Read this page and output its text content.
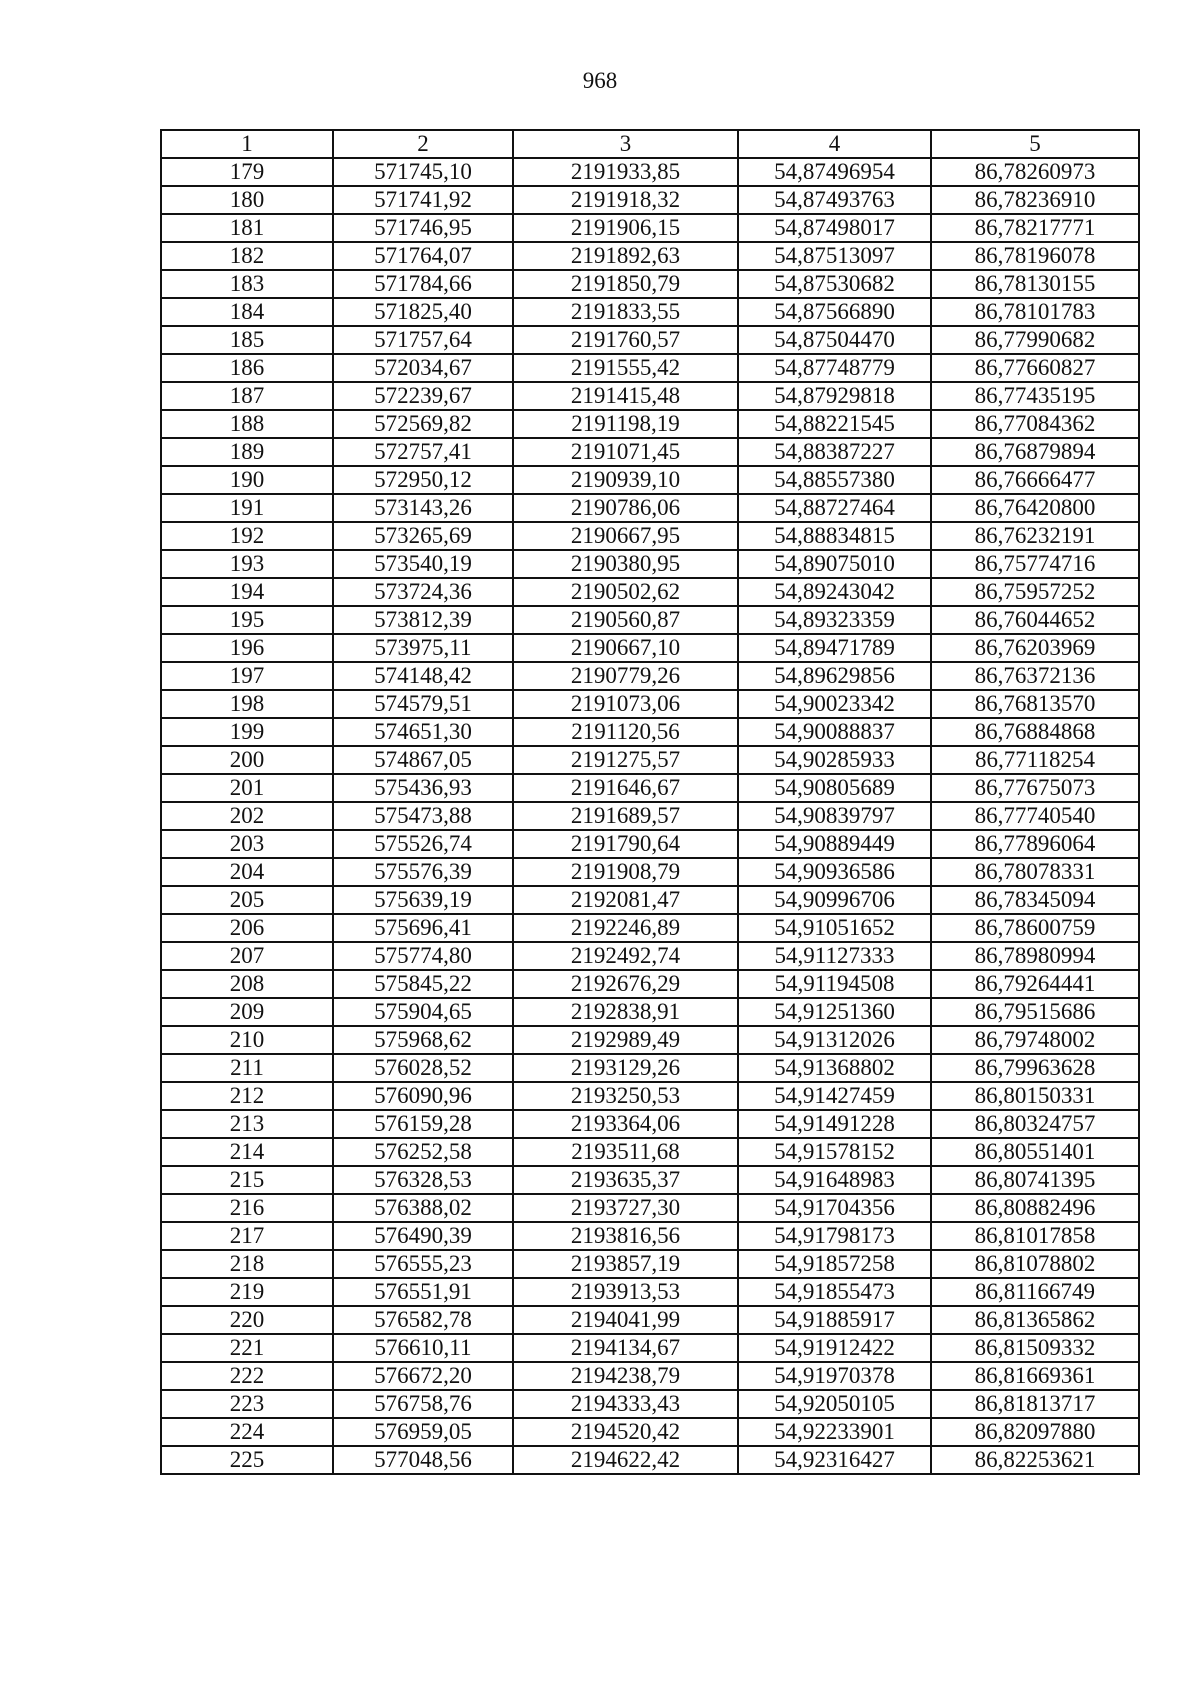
968
1	2	3	4	5
179	571745,10	2191933,85	54,87496954	86,78260973
180	571741,92	2191918,32	54,87493763	86,78236910
181	571746,95	2191906,15	54,87498017	86,78217771
182	571764,07	2191892,63	54,87513097	86,78196078
183	571784,66	2191850,79	54,87530682	86,78130155
184	571825,40	2191833,55	54,87566890	86,78101783
185	571757,64	2191760,57	54,87504470	86,77990682
186	572034,67	2191555,42	54,87748779	86,77660827
187	572239,67	2191415,48	54,87929818	86,77435195
188	572569,82	2191198,19	54,88221545	86,77084362
189	572757,41	2191071,45	54,88387227	86,76879894
190	572950,12	2190939,10	54,88557380	86,76666477
191	573143,26	2190786,06	54,88727464	86,76420800
192	573265,69	2190667,95	54,88834815	86,76232191
193	573540,19	2190380,95	54,89075010	86,75774716
194	573724,36	2190502,62	54,89243042	86,75957252
195	573812,39	2190560,87	54,89323359	86,76044652
196	573975,11	2190667,10	54,89471789	86,76203969
197	574148,42	2190779,26	54,89629856	86,76372136
198	574579,51	2191073,06	54,90023342	86,76813570
199	574651,30	2191120,56	54,90088837	86,76884868
200	574867,05	2191275,57	54,90285933	86,77118254
201	575436,93	2191646,67	54,90805689	86,77675073
202	575473,88	2191689,57	54,90839797	86,77740540
203	575526,74	2191790,64	54,90889449	86,77896064
204	575576,39	2191908,79	54,90936586	86,78078331
205	575639,19	2192081,47	54,90996706	86,78345094
206	575696,41	2192246,89	54,91051652	86,78600759
207	575774,80	2192492,74	54,91127333	86,78980994
208	575845,22	2192676,29	54,91194508	86,79264441
209	575904,65	2192838,91	54,91251360	86,79515686
210	575968,62	2192989,49	54,91312026	86,79748002
211	576028,52	2193129,26	54,91368802	86,79963628
212	576090,96	2193250,53	54,91427459	86,80150331
213	576159,28	2193364,06	54,91491228	86,80324757
214	576252,58	2193511,68	54,91578152	86,80551401
215	576328,53	2193635,37	54,91648983	86,80741395
216	576388,02	2193727,30	54,91704356	86,80882496
217	576490,39	2193816,56	54,91798173	86,81017858
218	576555,23	2193857,19	54,91857258	86,81078802
219	576551,91	2193913,53	54,91855473	86,81166749
220	576582,78	2194041,99	54,91885917	86,81365862
221	576610,11	2194134,67	54,91912422	86,81509332
222	576672,20	2194238,79	54,91970378	86,81669361
223	576758,76	2194333,43	54,92050105	86,81813717
224	576959,05	2194520,42	54,92233901	86,82097880
225	577048,56	2194622,42	54,92316427	86,82253621
